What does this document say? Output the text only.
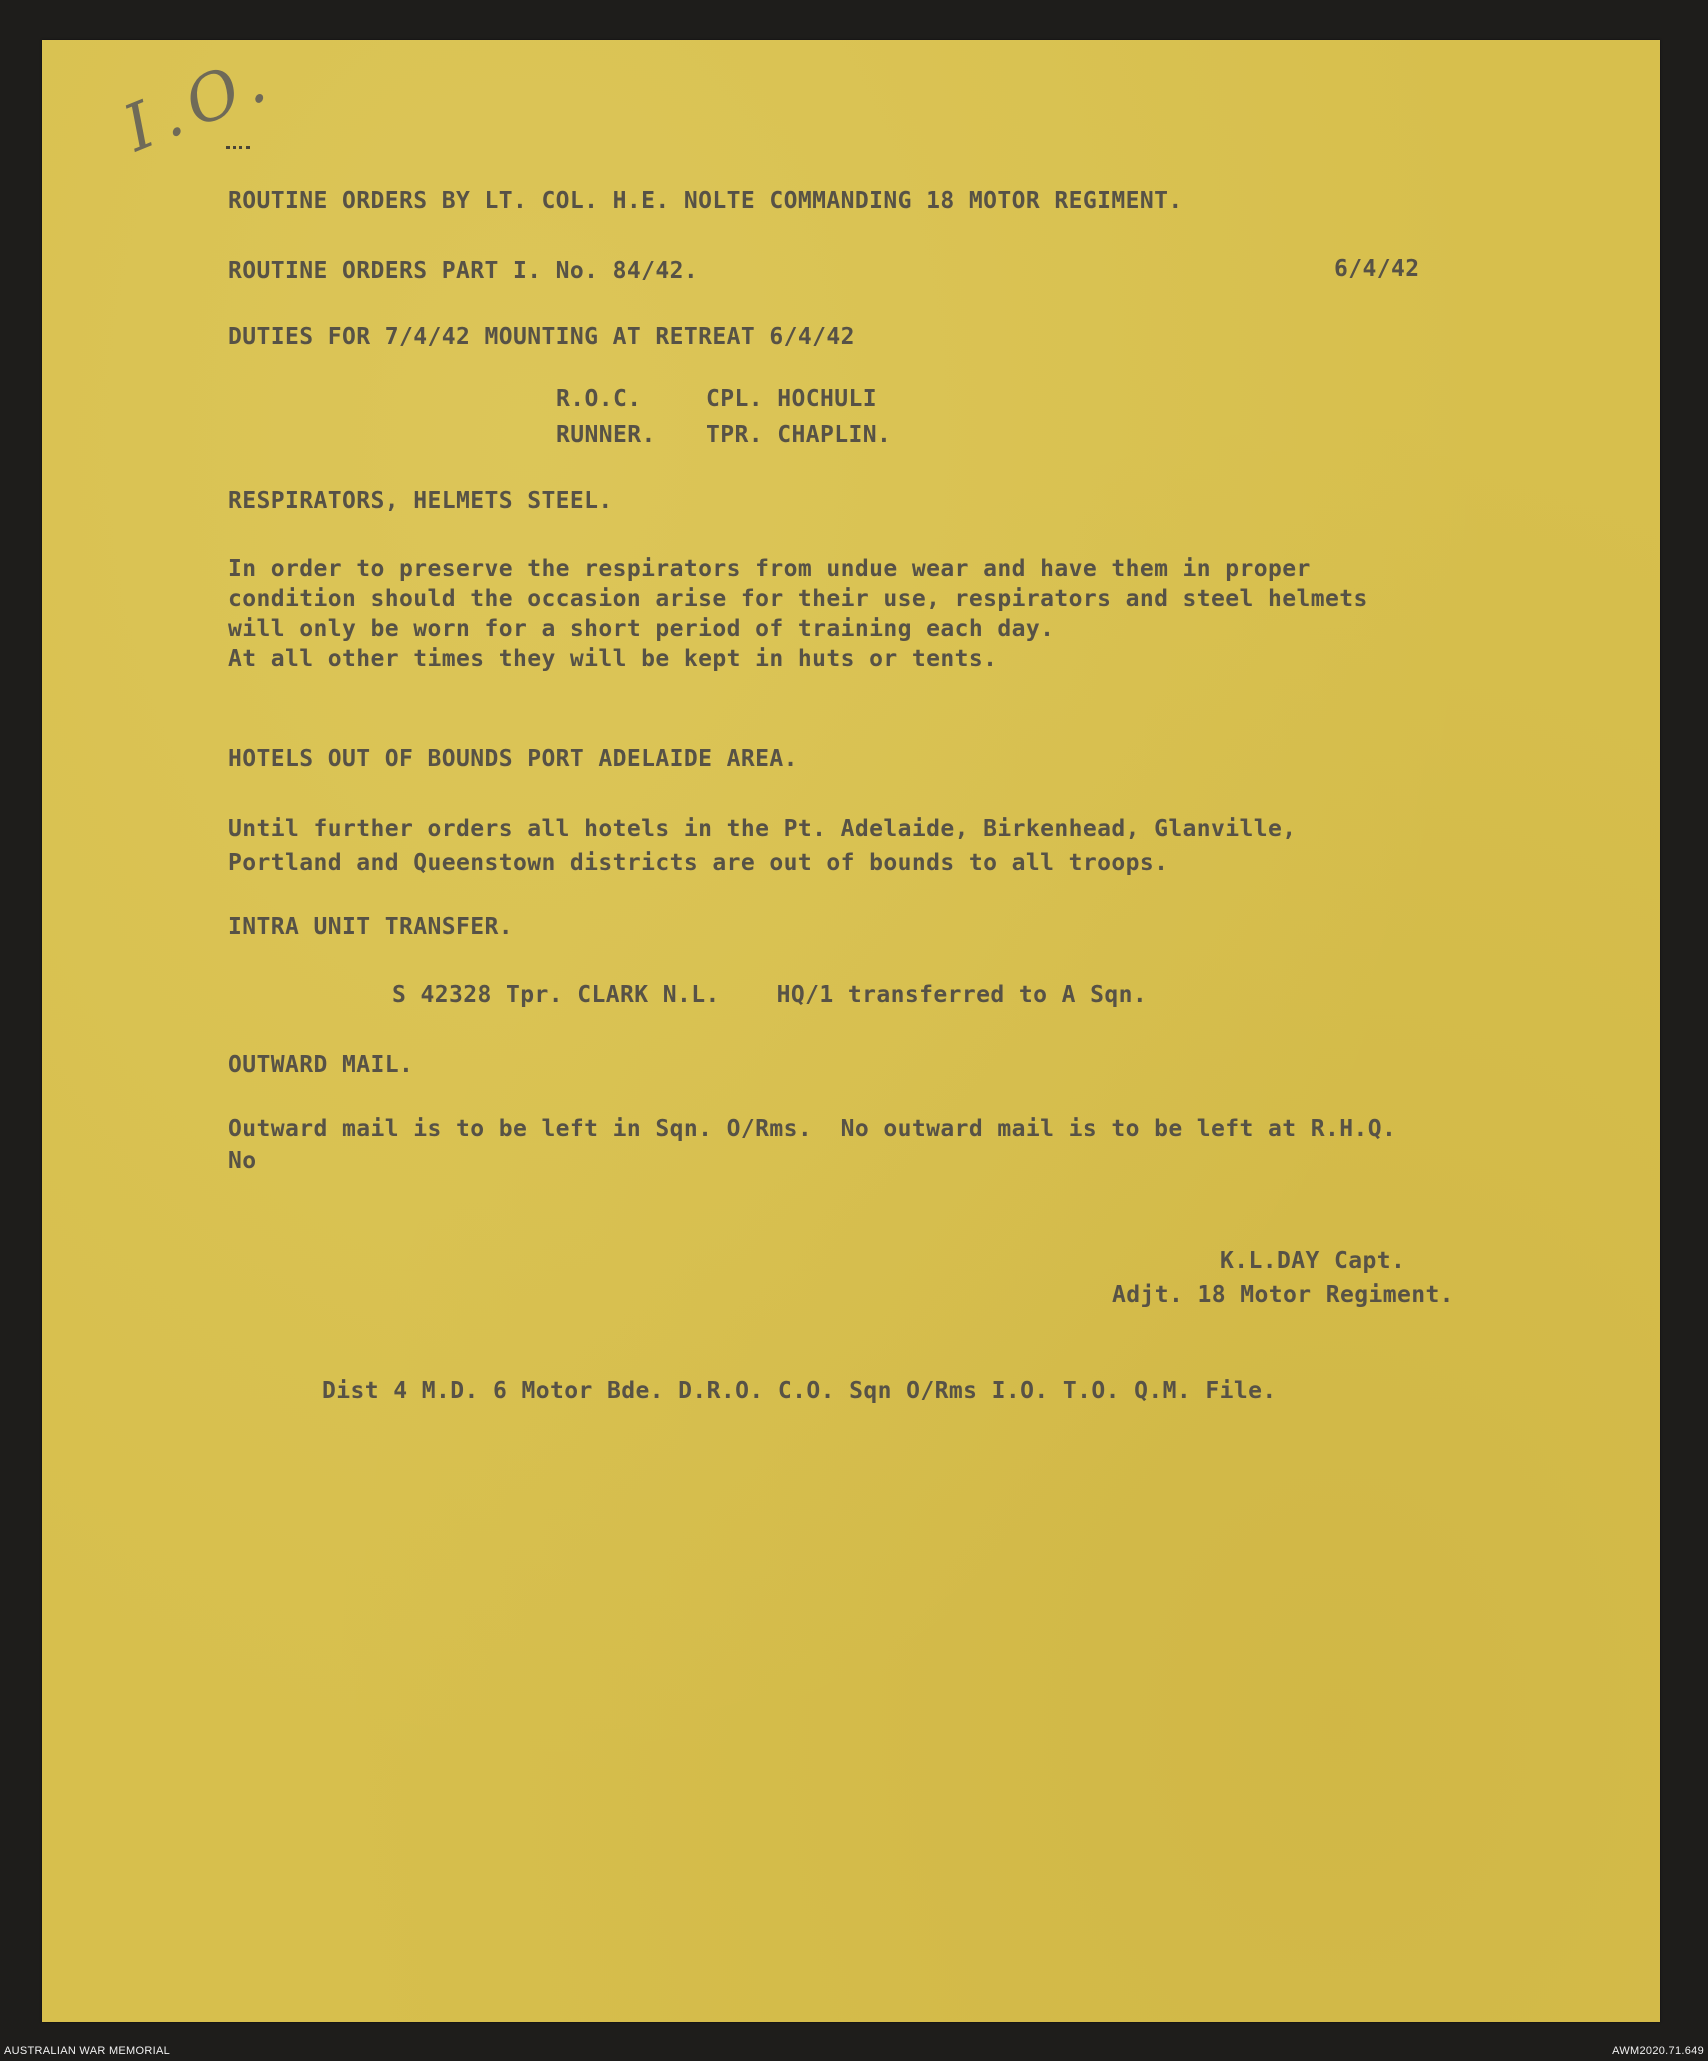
I.O.
ROUTINE ORDERS BY LT. COL. H.E. NOLTE COMMANDING 18 MOTOR REGIMENT.
ROUTINE ORDERS PART I. No. 84/42.	6/4/42
DUTIES FOR 7/4/42 MOUNTING AT RETREAT 6/4/42
R.O.C.	CPL. HOCHULI
RUNNER. TPR. CHAPLIN.
RESPIRATORS, HELMETS STEEL.
In order to preserve the respirators from undue wear and have them in proper
condition should the occasion arise for their use, respirators and steel helmets
will only be worn for a short period of training each day.
At all other times they will be kept in huts or tents.
HOTELS OUT OF BOUNDS PORT ADELAIDE AREA.
Until further orders all hotels in the Pt. Adelaide, Birkenhead, Glanville,
Portland and Queenstown districts are out of bounds to all troops.
INTRA UNIT TRANSFER.
S 42328 Tpr. CLARK N.L.    HQ/1 transferred to A Sqn.
OUTWARD MAIL.
Outward mail is to be left in Sqn. O/Rms.  No outward mail is to be left at R.H.Q.
No
K.L.DAY Capt.
Adjt. 18 Motor Regiment.
Dist 4 M.D. 6 Motor Bde. D.R.O. C.O. Sqn O/Rms I.O. T.O. Q.M. File.
AUSTRALIAN WAR MEMORIAL	AWM2020.71.649
